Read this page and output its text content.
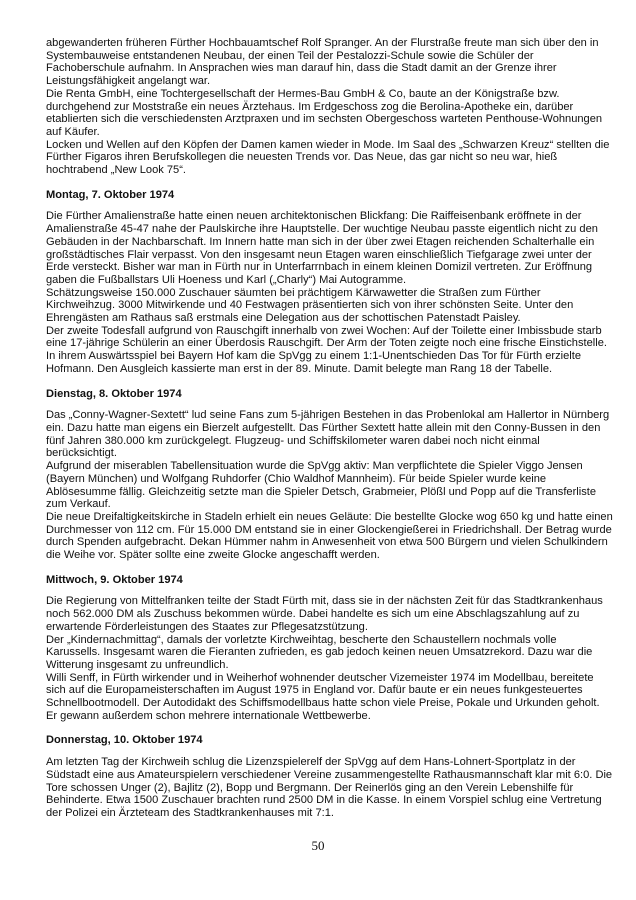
abgewanderten früheren Fürther Hochbauamtschef Rolf Spranger. An der Flurstraße freute man sich über den in
Systembauweise entstandenen Neubau, der einen Teil der Pestalozzi-Schule sowie die Schüler der
Fachoberschule aufnahm. In Ansprachen wies man darauf hin, dass die Stadt damit an der Grenze ihrer
Leistungsfähigkeit angelangt war.
Die Renta GmbH, eine Tochtergesellschaft der Hermes-Bau GmbH & Co, baute an der Königstraße bzw.
durchgehend zur Moststraße ein neues Ärztehaus. Im Erdgeschoss zog die Berolina-Apotheke ein, darüber
etablierten sich die verschiedensten Arztpraxen und im sechsten Obergeschoss warteten Penthouse-Wohnungen
auf Käufer.
Locken und Wellen auf den Köpfen der Damen kamen wieder in Mode. Im Saal des „Schwarzen Kreuz“ stellten die
Fürther Figaros ihren Berufskollegen die neuesten Trends vor. Das Neue, das gar nicht so neu war, hieß
hochtrabend „New Look 75“.
Montag, 7. Oktober 1974
Die Fürther Amalienstraße hatte einen neuen architektonischen Blickfang: Die Raiffeisenbank eröffnete in der
Amalienstraße 45-47 nahe der Paulskirche ihre Hauptstelle. Der wuchtige Neubau passte eigentlich nicht zu den
Gebäuden in der Nachbarschaft. Im Innern hatte man sich in der über zwei Etagen reichenden Schalterhalle ein
großstädtisches Flair verpasst. Von den insgesamt neun Etagen waren einschließlich Tiefgarage zwei unter der
Erde versteckt. Bisher war man in Fürth nur in Unterfarrnbach in einem kleinen Domizil vertreten. Zur Eröffnung
gaben die Fußballstars Uli Hoeness und Karl („Charly“) Mai Autogramme.
Schätzungsweise 150.000 Zuschauer säumten bei prächtigem Kärwawetter die Straßen zum Fürther
Kirchweihzug. 3000 Mitwirkende und 40 Festwagen präsentierten sich von ihrer schönsten Seite. Unter den
Ehrengästen am Rathaus saß erstmals eine Delegation aus der schottischen Patenstadt Paisley.
Der zweite Todesfall aufgrund von Rauschgift innerhalb von zwei Wochen: Auf der Toilette einer Imbissbude starb
eine 17-jährige Schülerin an einer Überdosis Rauschgift. Der Arm der Toten zeigte noch eine frische Einstichstelle.
In ihrem Auswärtsspiel bei Bayern Hof kam die SpVgg zu einem 1:1-Unentschieden Das Tor für Fürth erzielte
Hofmann. Den Ausgleich kassierte man erst in der 89. Minute. Damit belegte man Rang 18 der Tabelle.
Dienstag, 8. Oktober 1974
Das „Conny-Wagner-Sextett“ lud seine Fans zum 5-jährigen Bestehen in das Probenlokal am Hallertor in Nürnberg
ein. Dazu hatte man eigens ein Bierzelt aufgestellt. Das Fürther Sextett hatte allein mit den Conny-Bussen in den
fünf Jahren 380.000 km zurückgelegt. Flugzeug- und Schiffskilometer waren dabei noch nicht einmal
berücksichtigt.
Aufgrund der miserablen Tabellensituation wurde die SpVgg aktiv: Man verpflichtete die Spieler Viggo Jensen
(Bayern München) und Wolfgang Ruhdorfer (Chio Waldhof Mannheim). Für beide Spieler wurde keine
Ablösesumme fällig. Gleichzeitig setzte man die Spieler Detsch, Grabmeier, Plößl und Popp auf die Transferliste
zum Verkauf.
Die neue Dreifaltigkeitskirche in Stadeln erhielt ein neues Geläute: Die bestellte Glocke wog 650 kg und hatte einen
Durchmesser von 112 cm. Für 15.000 DM entstand sie in einer Glockengießerei in Friedrichshall. Der Betrag wurde
durch Spenden aufgebracht. Dekan Hümmer nahm in Anwesenheit von etwa 500 Bürgern und vielen Schulkindern
die Weihe vor. Später sollte eine zweite Glocke angeschafft werden.
Mittwoch, 9. Oktober 1974
Die Regierung von Mittelfranken teilte der Stadt Fürth mit, dass sie in der nächsten Zeit für das Stadtkrankenhaus
noch 562.000 DM als Zuschuss bekommen würde. Dabei handelte es sich um eine Abschlagszahlung auf zu
erwartende Förderleistungen des Staates zur Pflegesatzstützung.
Der „Kindernachmittag“, damals der vorletzte Kirchweihtag, bescherte den Schaustellern nochmals volle
Karussells. Insgesamt waren die Fieranten zufrieden, es gab jedoch keinen neuen Umsatzrekord. Dazu war die
Witterung insgesamt zu unfreundlich.
Willi Senff, in Fürth wirkender und in Weiherhof wohnender deutscher Vizemeister 1974 im Modellbau, bereitete
sich auf die Europameisterschaften im August 1975 in England vor. Dafür baute er ein neues funkgesteuertes
Schnellbootmodell. Der Autodidakt des Schiffsmodellbaus hatte schon viele Preise, Pokale und Urkunden geholt.
Er gewann außerdem schon mehrere internationale Wettbewerbe.
Donnerstag, 10. Oktober 1974
Am letzten Tag der Kirchweih schlug die Lizenzspielerelf der SpVgg auf dem Hans-Lohnert-Sportplatz in der
Südstadt eine aus Amateurspielern verschiedener Vereine zusammengestellte Rathausmannschaft klar mit 6:0. Die
Tore schossen Unger (2), Bajlitz (2), Bopp und Bergmann. Der Reinerlös ging an den Verein Lebenshilfe für
Behinderte. Etwa 1500 Zuschauer brachten rund 2500 DM in die Kasse. In einem Vorspiel schlug eine Vertretung
der Polizei ein Ärzteteam des Stadtkrankenhauses mit 7:1.
50
